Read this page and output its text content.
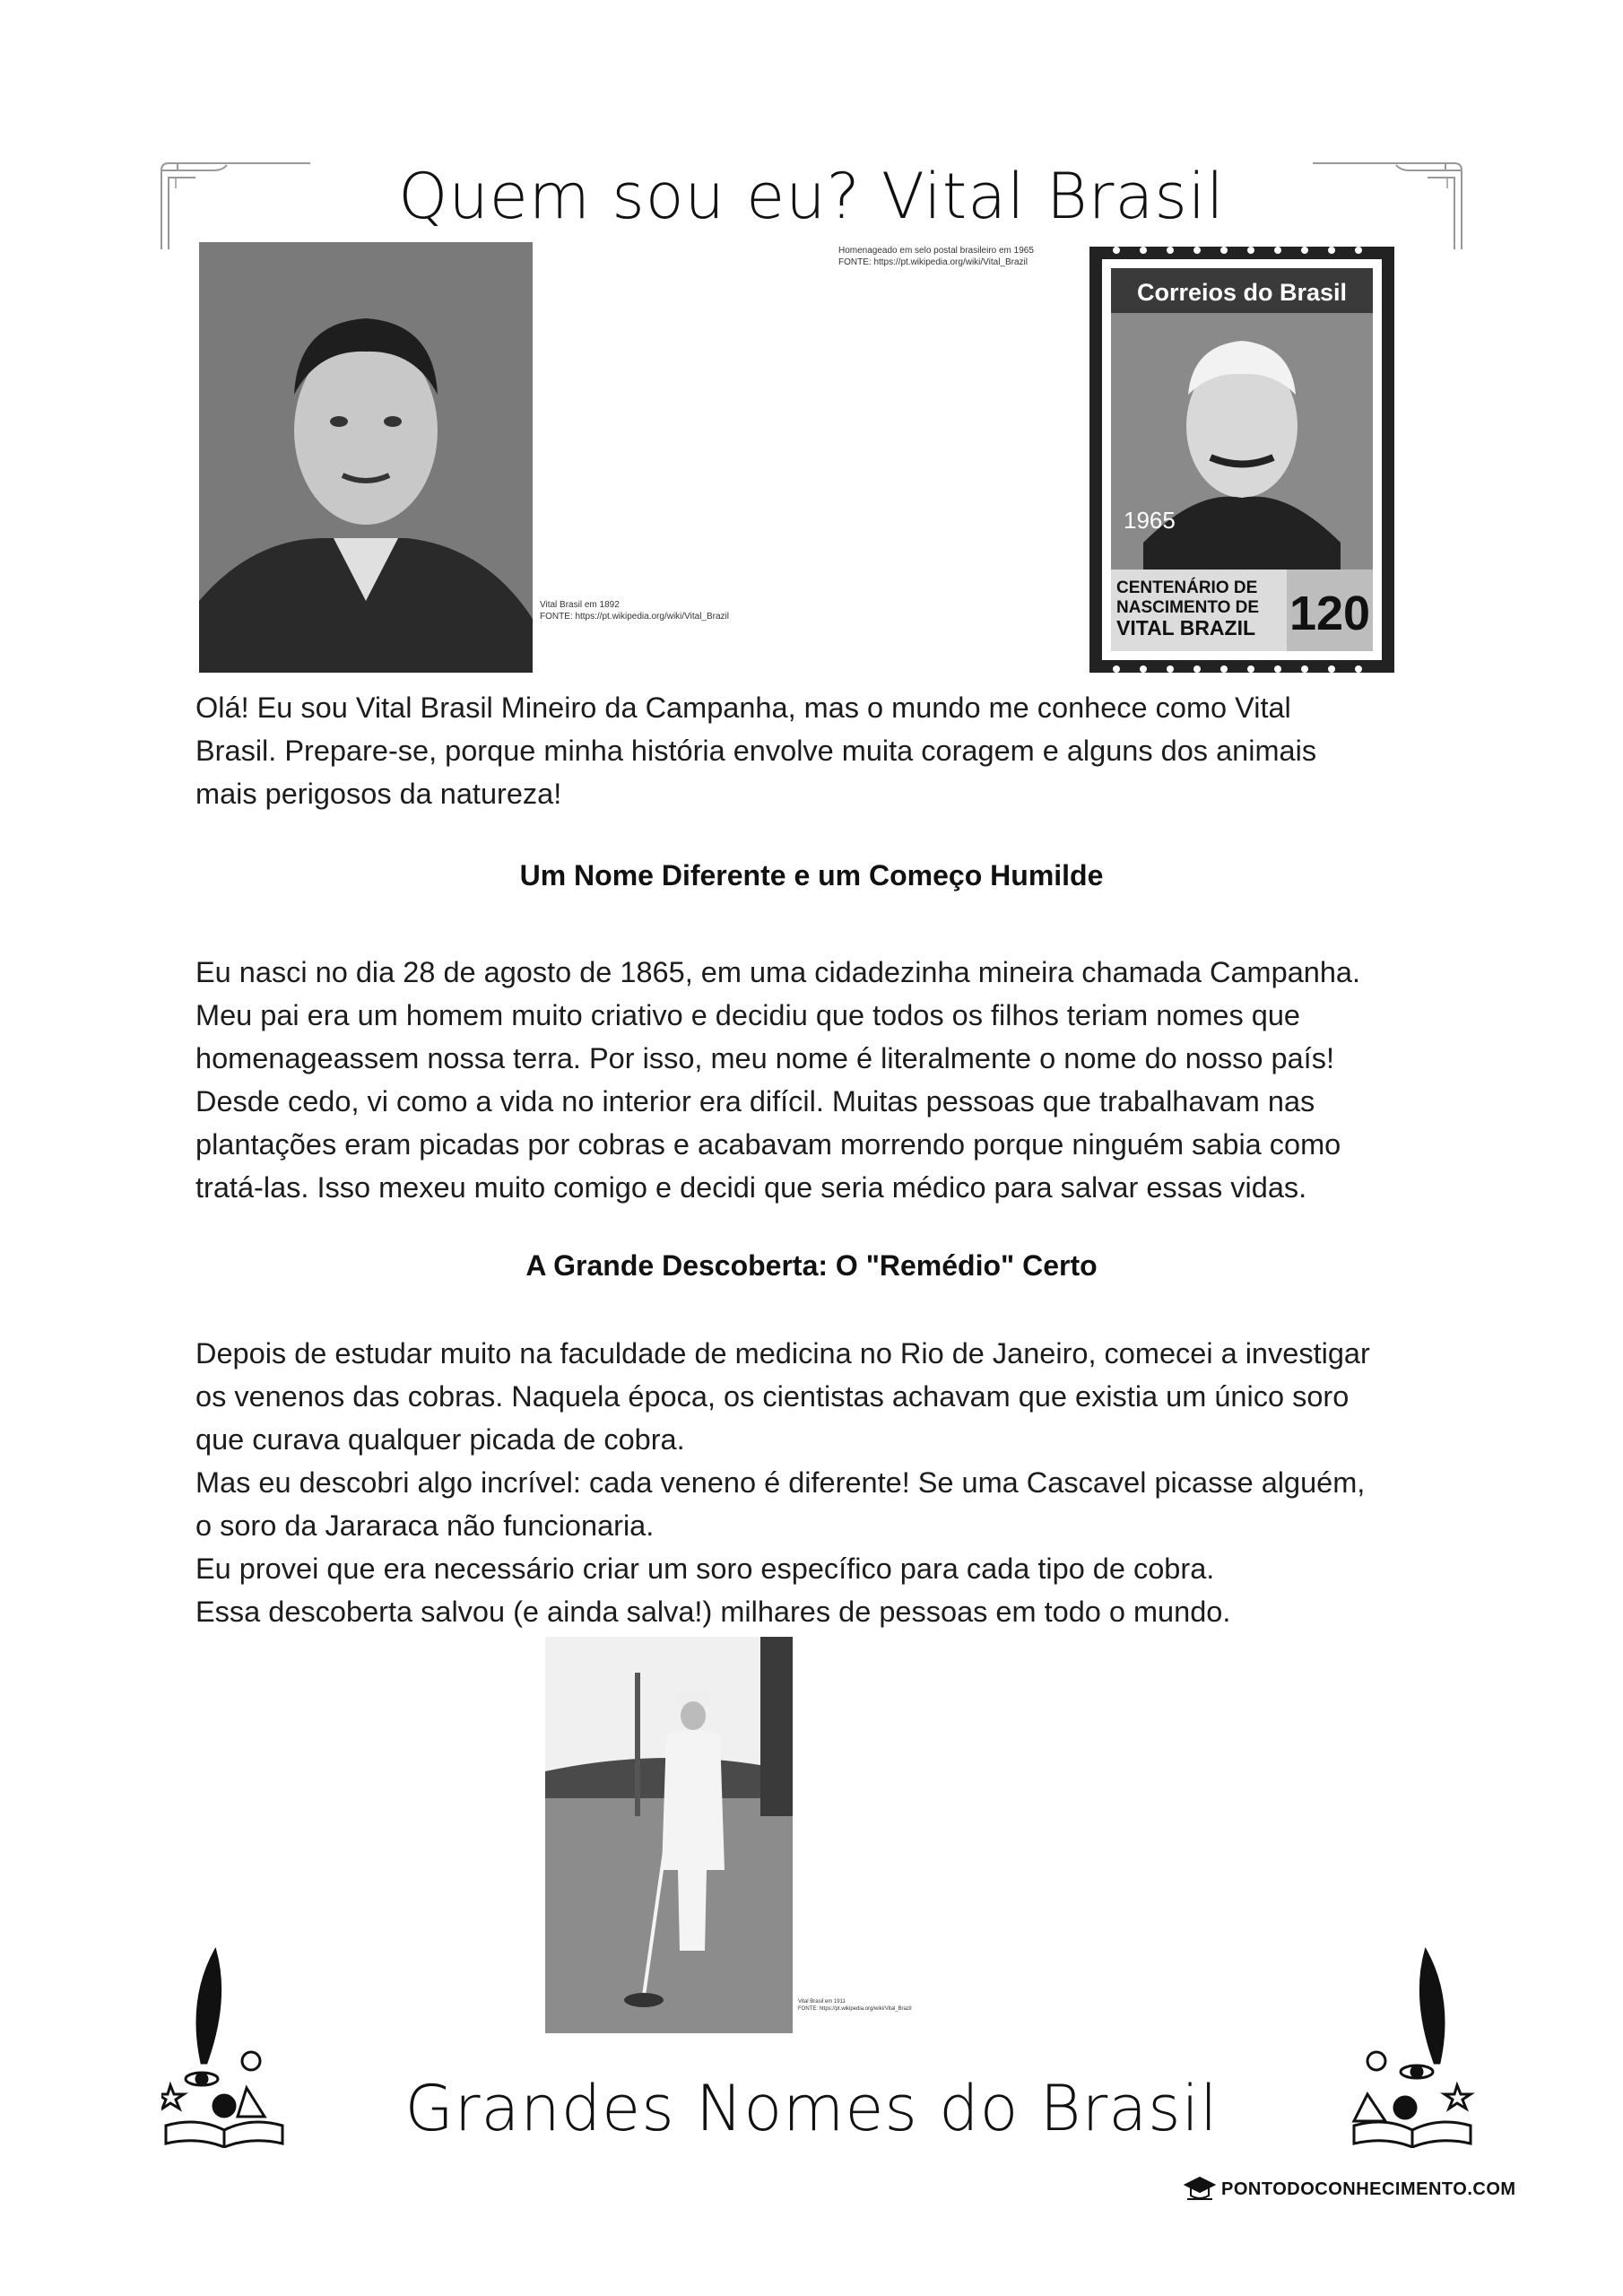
Quem sou eu? Vital Brasil
Vital Brasil em 1892
FONTE: https://pt.wikipedia.org/wiki/Vital_Brazil
Homenageado em selo postal brasileiro em 1965
FONTE: https://pt.wikipedia.org/wiki/Vital_Brazil
Correios do Brasil
1965
CENTENÁRIO DE
NASCIMENTO DE
VITAL BRAZIL 120

Olá! Eu sou Vital Brasil Mineiro da Campanha, mas o mundo me conhece como Vital

Brasil. Prepare-se, porque minha história envolve muita coragem e alguns dos animais

mais perigosos da natureza!

Um Nome Diferente e um Começo Humilde

Eu nasci no dia 28 de agosto de 1865, em uma cidadezinha mineira chamada Campanha.

Meu pai era um homem muito criativo e decidiu que todos os filhos teriam nomes que

homenageassem nossa terra. Por isso, meu nome é literalmente o nome do nosso país!

Desde cedo, vi como a vida no interior era difícil. Muitas pessoas que trabalhavam nas

plantações eram picadas por cobras e acabavam morrendo porque ninguém sabia como

tratá-las. Isso mexeu muito comigo e decidi que seria médico para salvar essas vidas.

A Grande Descoberta: O "Remédio" Certo

Depois de estudar muito na faculdade de medicina no Rio de Janeiro, comecei a investigar

os venenos das cobras. Naquela época, os cientistas achavam que existia um único soro

que curava qualquer picada de cobra.

Mas eu descobri algo incrível: cada veneno é diferente! Se uma Cascavel picasse alguém,

o soro da Jararaca não funcionaria.

Eu provei que era necessário criar um soro específico para cada tipo de cobra.

Essa descoberta salvou (e ainda salva!) milhares de pessoas em todo o mundo.

Vital Brasil em 1911
FONTE: https://pt.wikipedia.org/wiki/Vital_Brazil
Grandes Nomes do Brasil
PONTODOCONHECIMENTO.COM
